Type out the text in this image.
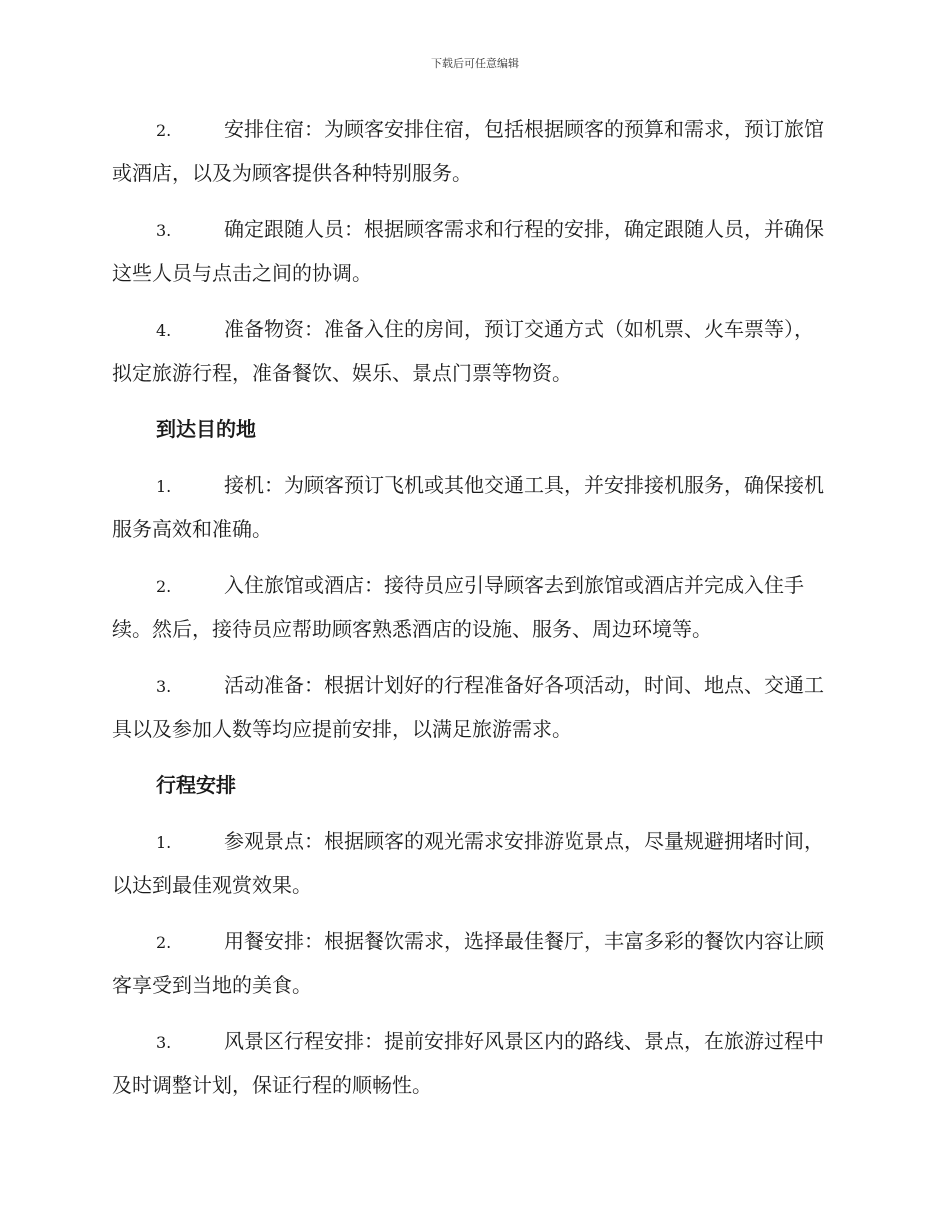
下载后可任意编辑

2.	安排住宿：为顾客安排住宿，包括根据顾客的预算和需求，预订旅馆或酒店，以及为顾客提供各种特别服务。

3.	确定跟随人员：根据顾客需求和行程的安排，确定跟随人员，并确保这些人员与点击之间的协调。

4.	准备物资：准备入住的房间，预订交通方式（如机票、火车票等），拟定旅游行程，准备餐饮、娱乐、景点门票等物资。

到达目的地

1.	接机：为顾客预订飞机或其他交通工具，并安排接机服务，确保接机服务高效和准确。

2.	入住旅馆或酒店：接待员应引导顾客去到旅馆或酒店并完成入住手续。然后，接待员应帮助顾客熟悉酒店的设施、服务、周边环境等。

3.	活动准备：根据计划好的行程准备好各项活动，时间、地点、交通工具以及参加人数等均应提前安排，以满足旅游需求。

行程安排

1.	参观景点：根据顾客的观光需求安排游览景点，尽量规避拥堵时间，以达到最佳观赏效果。

2.	用餐安排：根据餐饮需求，选择最佳餐厅，丰富多彩的餐饮内容让顾客享受到当地的美食。

3.	风景区行程安排：提前安排好风景区内的路线、景点，在旅游过程中及时调整计划，保证行程的顺畅性。
